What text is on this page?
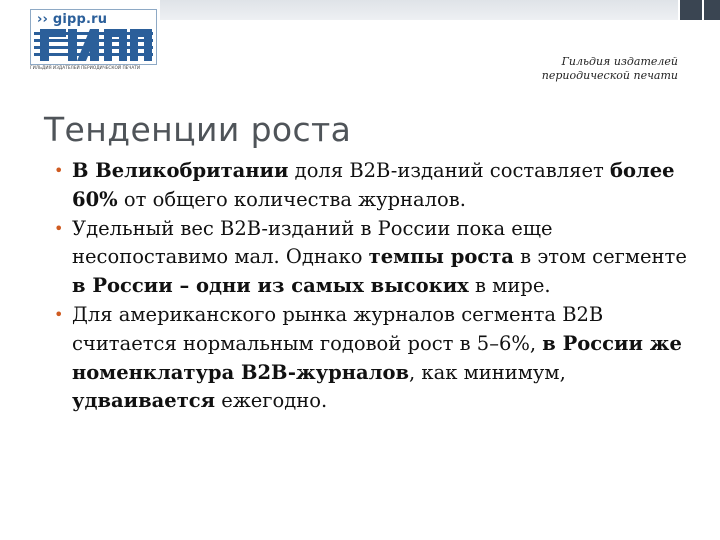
›› gipp.ru
ГИЛЬДИЯ ИЗДАТЕЛЕЙ ПЕРИОДИЧЕСКОЙ ПЕЧАТИ
Гильдия издателей
периодической печати
Тенденции роста
• В Великобритании доля B2B-изданий составляет более 60% от общего количества журналов.
• Удельный вес B2B-изданий в России пока еще несопоставимо мал. Однако темпы роста в этом сегменте в России – одни из самых высоких в мире.
• Для американского рынка журналов сегмента B2B считается нормальным годовой рост в 5–6%, в России же номенклатура B2B-журналов, как минимум, удваивается ежегодно.
